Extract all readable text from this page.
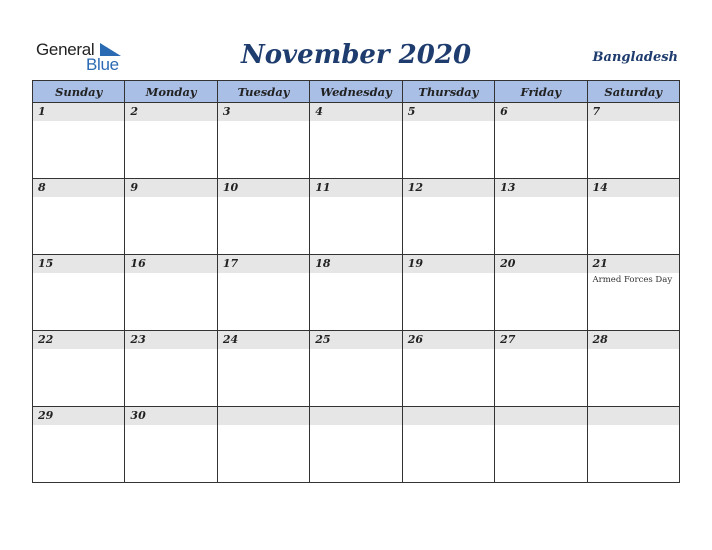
General
Blue	November 2020	Bangladesh
Sunday	Monday	Tuesday	Wednesday	Thursday	Friday	Saturday

1	2	3	4	5	6	7

8	9	10	11	12	13	14

15	16	17	18	19	20	21
Armed Forces Day

22	23	24	25	26	27	28

29	30					
